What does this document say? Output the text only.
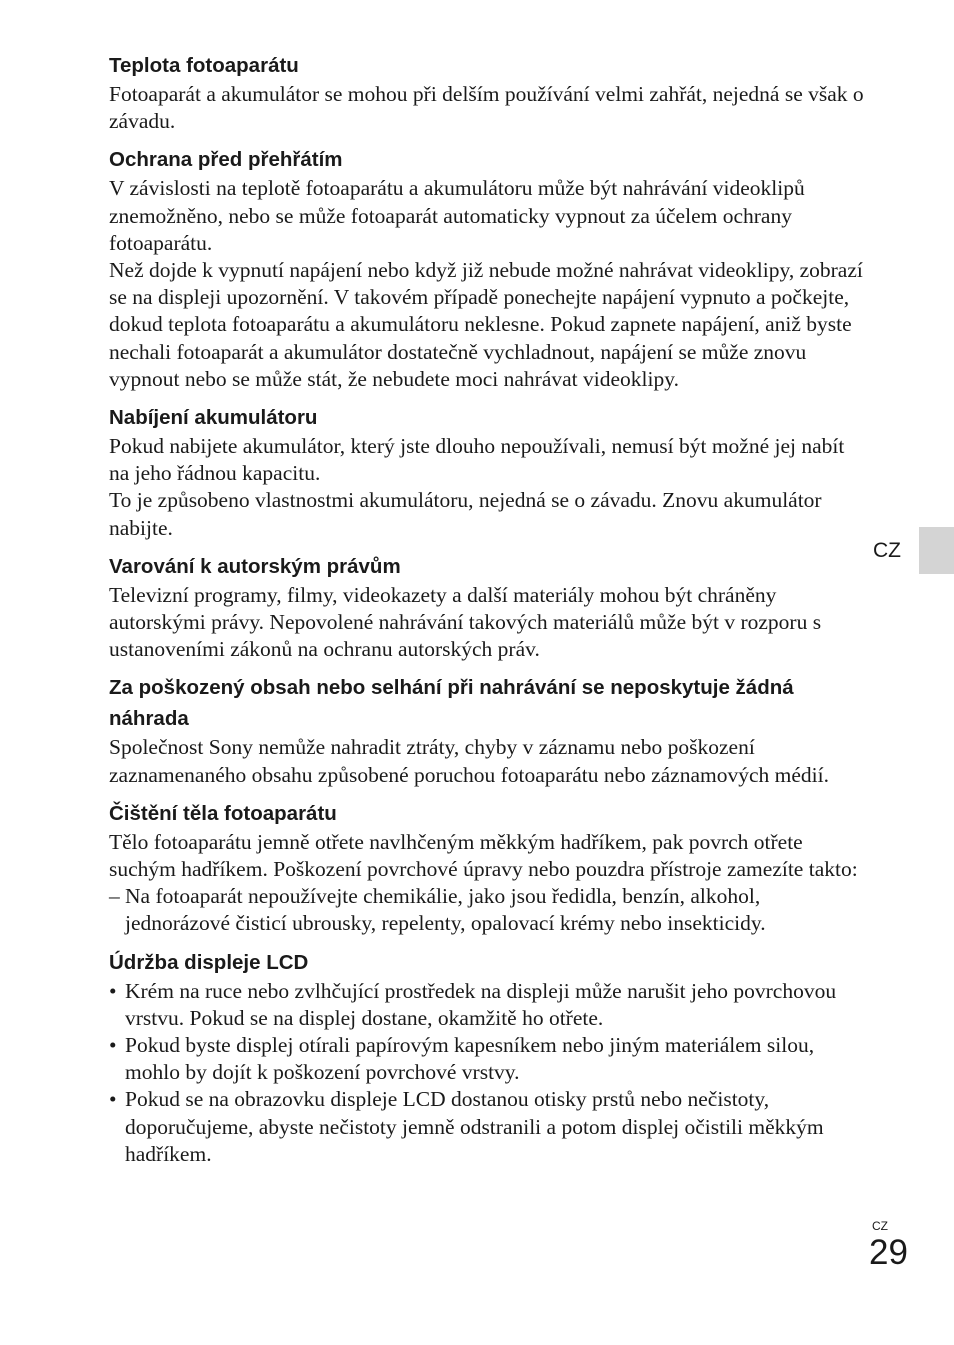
Teplota fotoaparátu

Fotoaparát a akumulátor se mohou při delším používání velmi zahřát, nejedná se však o závadu.

Ochrana před přehřátím

V závislosti na teplotě fotoaparátu a akumulátoru může být nahrávání videoklipů znemožněno, nebo se může fotoaparát automaticky vypnout za účelem ochrany fotoaparátu.

Než dojde k vypnutí napájení nebo když již nebude možné nahrávat videoklipy, zobrazí se na displeji upozornění. V takovém případě ponechejte napájení vypnuto a počkejte, dokud teplota fotoaparátu a akumulátoru neklesne. Pokud zapnete napájení, aniž byste nechali fotoaparát a akumulátor dostatečně vychladnout, napájení se může znovu vypnout nebo se může stát, že nebudete moci nahrávat videoklipy.

Nabíjení akumulátoru

Pokud nabijete akumulátor, který jste dlouho nepoužívali, nemusí být možné jej nabít na jeho řádnou kapacitu.

To je způsobeno vlastnostmi akumulátoru, nejedná se o závadu. Znovu akumulátor nabijte.

Varování k autorským právům

Televizní programy, filmy, videokazety a další materiály mohou být chráněny autorskými právy. Nepovolené nahrávání takových materiálů může být v rozporu s ustanoveními zákonů na ochranu autorských práv.

Za poškozený obsah nebo selhání při nahrávání se neposkytuje žádná náhrada

Společnost Sony nemůže nahradit ztráty, chyby v záznamu nebo poškození zaznamenaného obsahu způsobené poruchou fotoaparátu nebo záznamových médií.

Čištění těla fotoaparátu

Tělo fotoaparátu jemně otřete navlhčeným měkkým hadříkem, pak povrch otřete suchým hadříkem. Poškození povrchové úpravy nebo pouzdra přístroje zamezíte takto:

– Na fotoaparát nepoužívejte chemikálie, jako jsou ředidla, benzín, alkohol, jednorázové čisticí ubrousky, repelenty, opalovací krémy nebo insekticidy.
Údržba displeje LCD
• Krém na ruce nebo zvlhčující prostředek na displeji může narušit jeho povrchovou vrstvu. Pokud se na displej dostane, okamžitě ho otřete.
• Pokud byste displej otírali papírovým kapesníkem nebo jiným materiálem silou, mohlo by dojít k poškození povrchové vrstvy.
• Pokud se na obrazovku displeje LCD dostanou otisky prstů nebo nečistoty, doporučujeme, abyste nečistoty jemně odstranili a potom displej očistili měkkým hadříkem.
CZ
CZ
29
